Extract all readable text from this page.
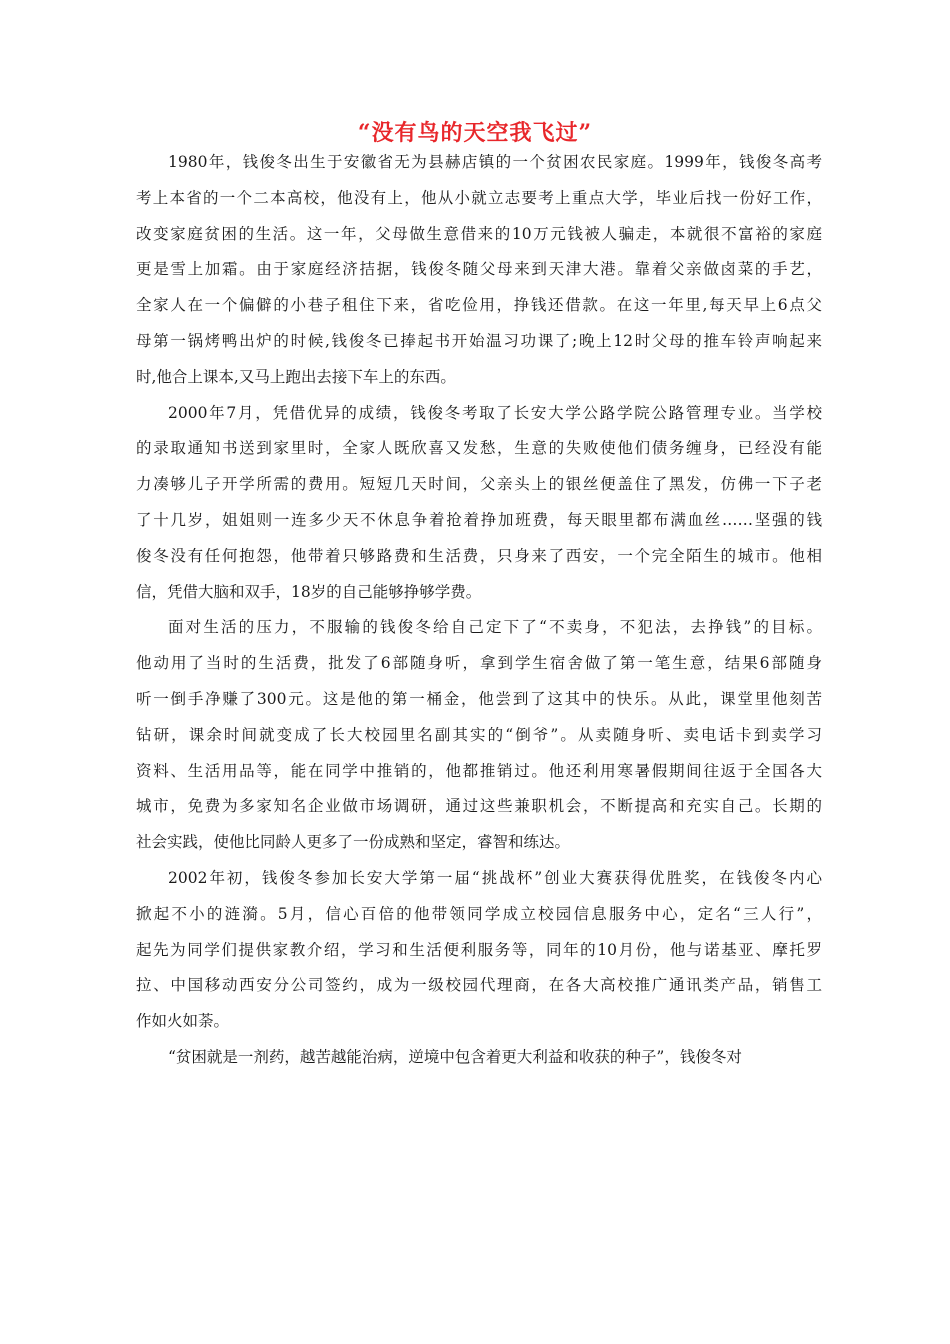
“没有鸟的天空我飞过”
1980年，钱俊冬出生于安徽省无为县赫店镇的一个贫困农民家庭。1999年，钱俊冬高考
考上本省的一个二本高校，他没有上，他从小就立志要考上重点大学，毕业后找一份好工作，
改变家庭贫困的生活。这一年，父母做生意借来的10万元钱被人骗走，本就很不富裕的家庭
更是雪上加霜。由于家庭经济拮据，钱俊冬随父母来到天津大港。靠着父亲做卤菜的手艺，
全家人在一个偏僻的小巷子租住下来，省吃俭用，挣钱还借款。在这一年里,每天早上6点父
母第一锅烤鸭出炉的时候,钱俊冬已捧起书开始温习功课了;晚上12时父母的推车铃声响起来
时,他合上课本,又马上跑出去接下车上的东西。
2000年7月，凭借优异的成绩，钱俊冬考取了长安大学公路学院公路管理专业。当学校
的录取通知书送到家里时，全家人既欣喜又发愁，生意的失败使他们债务缠身，已经没有能
力凑够儿子开学所需的费用。短短几天时间，父亲头上的银丝便盖住了黑发，仿佛一下子老
了十几岁，姐姐则一连多少天不休息争着抢着挣加班费，每天眼里都布满血丝……坚强的钱
俊冬没有任何抱怨，他带着只够路费和生活费，只身来了西安，一个完全陌生的城市。他相
信，凭借大脑和双手，18岁的自己能够挣够学费。
面对生活的压力，不服输的钱俊冬给自己定下了“不卖身，不犯法，去挣钱”的目标。
他动用了当时的生活费，批发了6部随身听，拿到学生宿舍做了第一笔生意，结果6部随身
听一倒手净赚了300元。这是他的第一桶金，他尝到了这其中的快乐。从此，课堂里他刻苦
钻研，课余时间就变成了长大校园里名副其实的“倒爷”。从卖随身听、卖电话卡到卖学习
资料、生活用品等，能在同学中推销的，他都推销过。他还利用寒暑假期间往返于全国各大
城市，免费为多家知名企业做市场调研，通过这些兼职机会，不断提高和充实自己。长期的
社会实践，使他比同龄人更多了一份成熟和坚定，睿智和练达。
2002年初，钱俊冬参加长安大学第一届“挑战杯”创业大赛获得优胜奖，在钱俊冬内心
掀起不小的涟漪。5月，信心百倍的他带领同学成立校园信息服务中心，定名“三人行”，
起先为同学们提供家教介绍，学习和生活便利服务等，同年的10月份，他与诺基亚、摩托罗
拉、中国移动西安分公司签约，成为一级校园代理商，在各大高校推广通讯类产品，销售工
作如火如荼。
“贫困就是一剂药，越苦越能治病，逆境中包含着更大利益和收获的种子”，钱俊冬对
